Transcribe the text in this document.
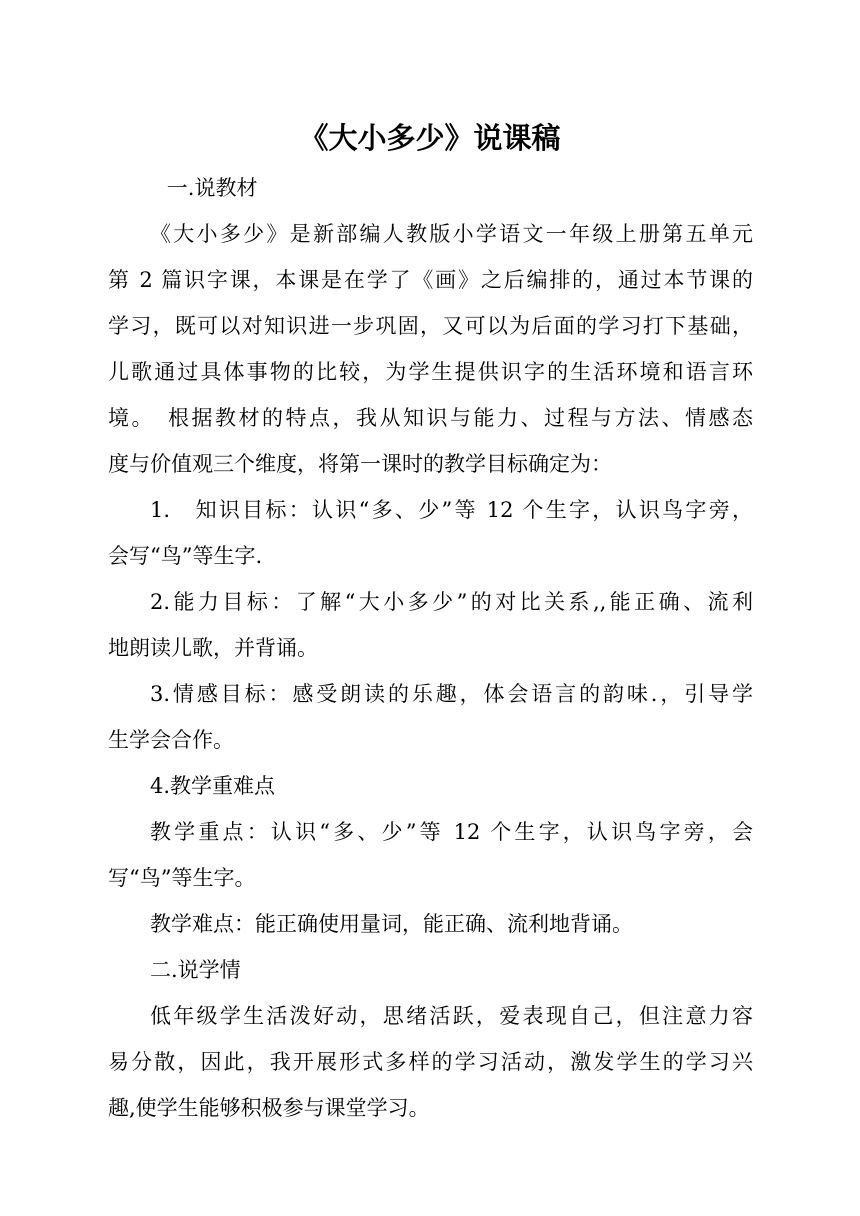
《大小多少》说课稿

一.说教材

《大小多少》是新部编人教版小学语文一年级上册第五单元
第 2 篇识字课，本课是在学了《画》之后编排的，通过本节课的
学习，既可以对知识进一步巩固，又可以为后面的学习打下基础，
儿歌通过具体事物的比较，为学生提供识字的生活环境和语言环
境。　根据教材的特点，我从知识与能力、过程与方法、情感态
度与价值观三个维度，将第一课时的教学目标确定为：

1.　知识目标：认识“多、少”等 12 个生字，认识鸟字旁，
会写“鸟”等生字.

2.能力目标：了解“大小多少”的对比关系,,能正确、流利
地朗读儿歌，并背诵。

3.情感目标：感受朗读的乐趣，体会语言的韵味.，引导学
生学会合作。

4.教学重难点

教学重点：认识“多、少”等 12 个生字，认识鸟字旁，会
写“鸟”等生字。

教学难点：能正确使用量词，能正确、流利地背诵。

二.说学情

低年级学生活泼好动，思绪活跃，爱表现自己，但注意力容
易分散，因此，我开展形式多样的学习活动，激发学生的学习兴
趣,使学生能够积极参与课堂学习。
